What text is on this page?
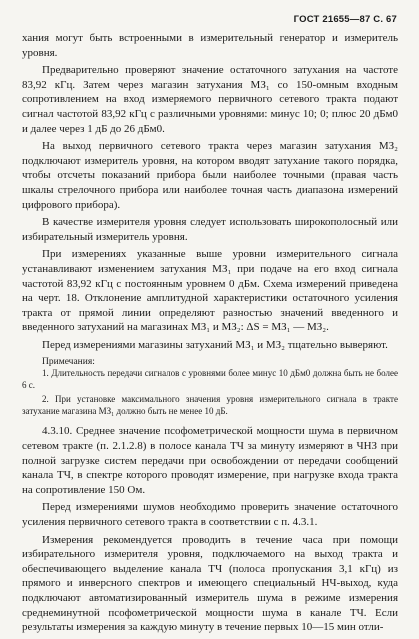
ГОСТ 21655—87 С. 67

хания могут быть встроенными в измерительный генератор и измеритель уровня.

Предварительно проверяют значение остаточного затухания на частоте 83,92 кГц. Затем через магазин затухания МЗ₁ со 150-омным входным сопротивлением на вход измеряемого первичного сетевого тракта подают сигнал частотой 83,92 кГц с различными уровнями: минус 10; 0; плюс 20 дБм0 и далее через 1 дБ до 26 дБм0.

На выход первичного сетевого тракта через магазин затухания МЗ₂ подключают измеритель уровня, на котором вводят затухание такого порядка, чтобы отсчеты показаний прибора были наиболее точными (правая часть шкалы стрелочного прибора или наиболее точная часть диапазона измерений цифрового прибора).

В качестве измерителя уровня следует использовать широкополосный или избирательный измеритель уровня.

При измерениях указанные выше уровни измерительного сигнала устанавливают изменением затухания МЗ₁ при подаче на его вход сигнала частотой 83,92 кГц с постоянным уровнем 0 дБм. Схема измерений приведена на черт. 18. Отклонение амплитудной характеристики остаточного усиления тракта от прямой линии определяют разностью значений введенного и введенного затуханий на магазинах МЗ₁ и МЗ₂: ΔS = МЗ₁ — МЗ₂.

Перед измерениями магазины затуханий МЗ₁ и МЗ₂ тщательно выверяют.

Примечания:

1. Длительность передачи сигналов с уровнями более минус 10 дБм0 должна быть не более 6 с.

2. При установке максимального значения уровня измерительного сигнала в тракте затухание магазина МЗ₁ должно быть не менее 10 дБ.

4.3.10. Среднее значение псофометрической мощности шума в первичном сетевом тракте (п. 2.1.2.8) в полосе канала ТЧ за минуту измеряют в ЧНЗ при полной загрузке систем передачи при освобождении от передачи сообщений канала ТЧ, в спектре которого проводят измерение, при нагрузке входа тракта на сопротивление 150 Ом.

Перед измерениями шумов необходимо проверить значение остаточного усиления первичного сетевого тракта в соответствии с п. 4.3.1.

Измерения рекомендуется проводить в течение часа при помощи избирательного измерителя уровня, подключаемого на выход тракта и обеспечивающего выделение канала ТЧ (полоса пропускания 3,1 кГц) из прямого и инверсного спектров и имеющего специальный НЧ-выход, куда подключают автоматизированный измеритель шума в режиме измерения среднеминутной псофометрической мощности шума в канале ТЧ. Если результаты измерения за каждую минуту в течение первых 10—15 мин отли-
